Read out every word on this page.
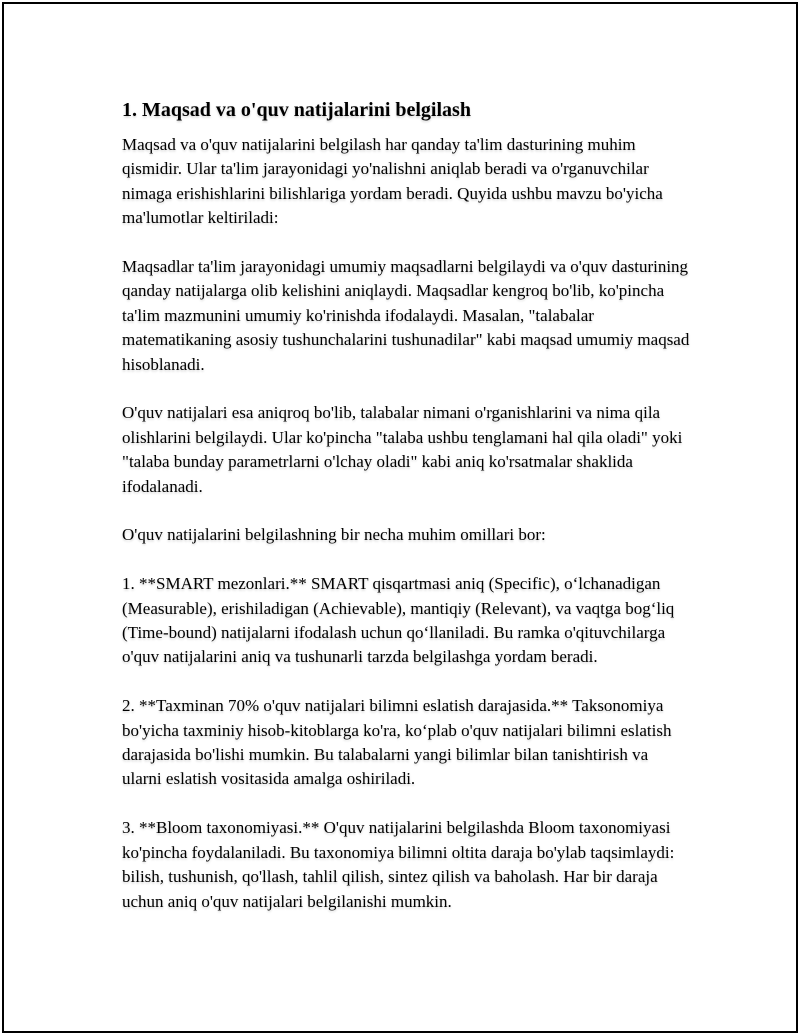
1. Maqsad va o'quv natijalarini belgilash

Maqsad va o'quv natijalarini belgilash har qanday ta'lim dasturining muhim qismidir. Ular ta'lim jarayonidagi yo'nalishni aniqlab beradi va o'rganuvchilar nimaga erishishlarini bilishlariga yordam beradi. Quyida ushbu mavzu bo'yicha ma'lumotlar keltiriladi:

Maqsadlar ta'lim jarayonidagi umumiy maqsadlarni belgilaydi va o'quv dasturining qanday natijalarga olib kelishini aniqlaydi. Maqsadlar kengroq bo'lib, ko'pincha ta'lim mazmunini umumiy ko'rinishda ifodalaydi. Masalan, "talabalar matematikaning asosiy tushunchalarini tushunadilar" kabi maqsad umumiy maqsad hisoblanadi.

O'quv natijalari esa aniqroq bo'lib, talabalar nimani o'rganishlarini va nima qila olishlarini belgilaydi. Ular ko'pincha "talaba ushbu tenglamani hal qila oladi" yoki "talaba bunday parametrlarni o'lchay oladi" kabi aniq ko'rsatmalar shaklida ifodalanadi.

O'quv natijalarini belgilashning bir necha muhim omillari bor:

1. **SMART mezonlari.** SMART qisqartmasi aniq (Specific), o‘lchanadigan (Measurable), erishiladigan (Achievable), mantiqiy (Relevant), va vaqtga bog‘liq (Time-bound) natijalarni ifodalash uchun qo‘llaniladi. Bu ramka o'qituvchilarga o'quv natijalarini aniq va tushunarli tarzda belgilashga yordam beradi.

2. **Taxminan 70% o'quv natijalari bilimni eslatish darajasida.** Taksonomiya bo'yicha taxminiy hisob-kitoblarga ko'ra, ko‘plab o'quv natijalari bilimni eslatish darajasida bo'lishi mumkin. Bu talabalarni yangi bilimlar bilan tanishtirish va ularni eslatish vositasida amalga oshiriladi.

3. **Bloom taxonomiyasi.** O'quv natijalarini belgilashda Bloom taxonomiyasi ko'pincha foydalaniladi. Bu taxonomiya bilimni oltita daraja bo'ylab taqsimlaydi: bilish, tushunish, qo'llash, tahlil qilish, sintez qilish va baholash. Har bir daraja uchun aniq o'quv natijalari belgilanishi mumkin.
